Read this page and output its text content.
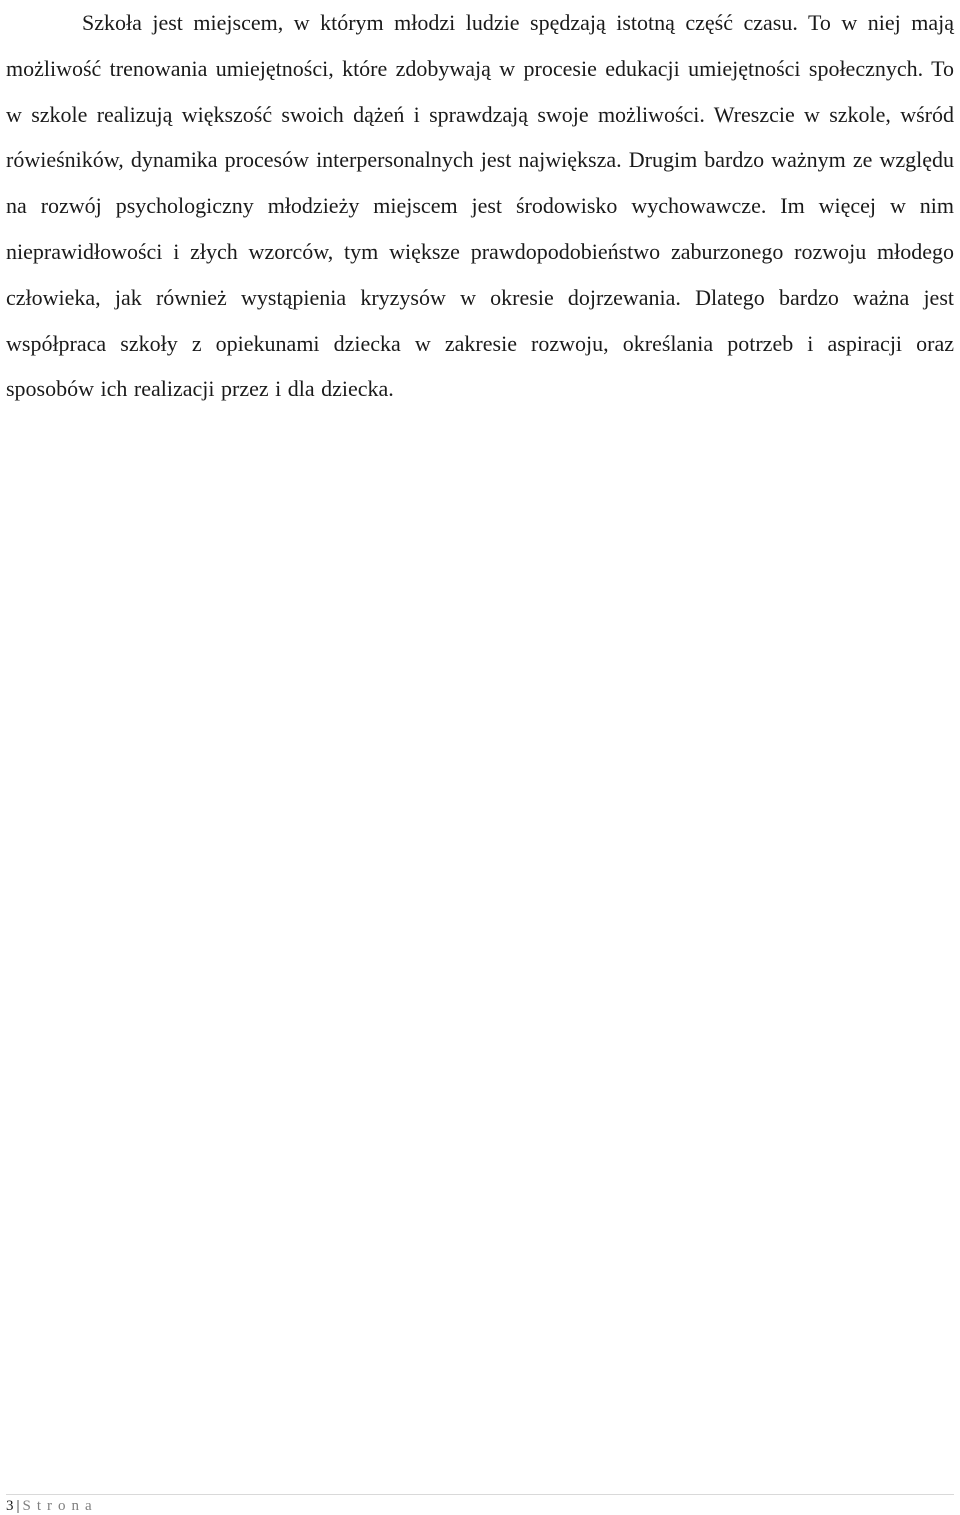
Szkoła jest miejscem, w którym młodzi ludzie spędzają istotną część czasu. To w niej mają możliwość trenowania umiejętności, które zdobywają w procesie edukacji umiejętności społecznych. To w szkole realizują większość swoich dążeń i sprawdzają swoje możliwości. Wreszcie w szkole, wśród rówieśników, dynamika procesów interpersonalnych jest największa. Drugim bardzo ważnym ze względu na rozwój psychologiczny młodzieży miejscem jest środowisko wychowawcze. Im więcej w nim nieprawidłowości i złych wzorców, tym większe prawdopodobieństwo zaburzonego rozwoju młodego człowieka, jak również wystąpienia kryzysów w okresie dojrzewania. Dlatego bardzo ważna jest współpraca szkoły z opiekunami dziecka w zakresie rozwoju, określania potrzeb i aspiracji oraz sposobów ich realizacji przez i dla dziecka.

3 | Strona
